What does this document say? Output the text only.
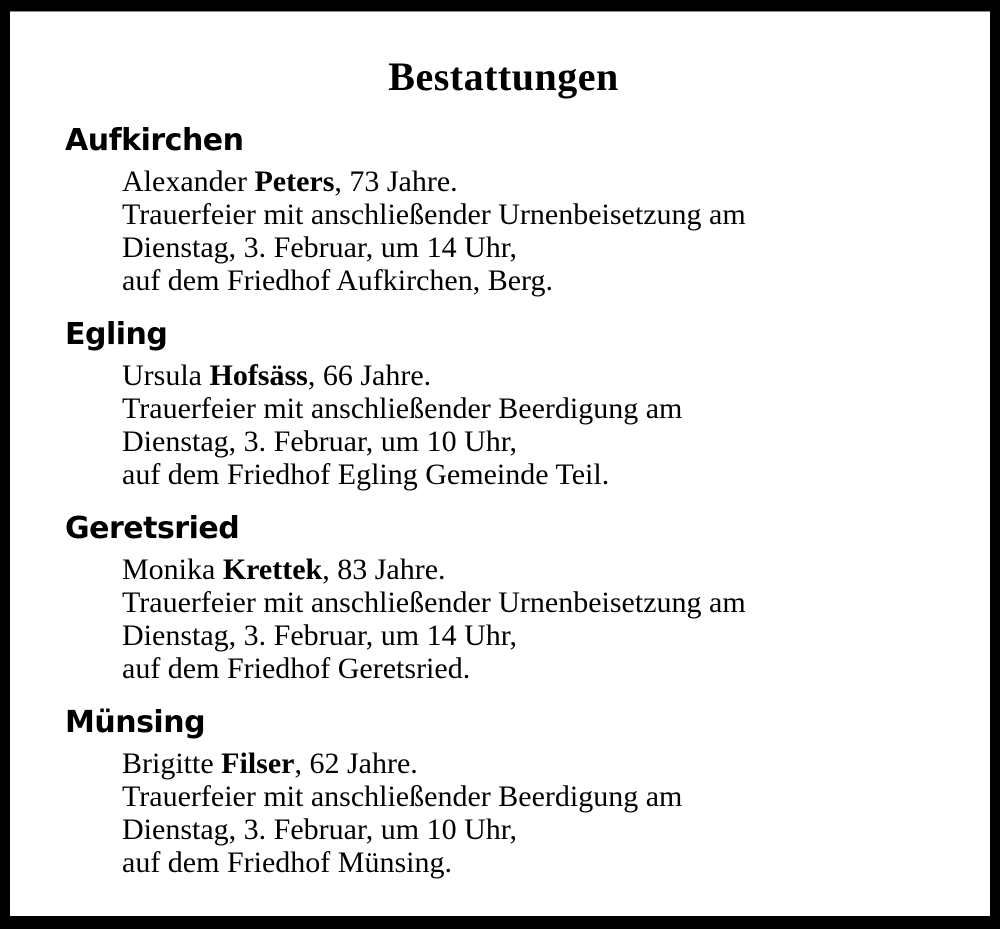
Bestattungen
Aufkirchen

Alexander Peters, 73 Jahre.

Trauerfeier mit anschließender Urnenbeisetzung am

Dienstag, 3. Februar, um 14 Uhr,

auf dem Friedhof Aufkirchen, Berg.

Egling

Ursula Hofsäss, 66 Jahre.

Trauerfeier mit anschließender Beerdigung am

Dienstag, 3. Februar, um 10 Uhr,

auf dem Friedhof Egling Gemeinde Teil.

Geretsried

Monika Krettek, 83 Jahre.

Trauerfeier mit anschließender Urnenbeisetzung am

Dienstag, 3. Februar, um 14 Uhr,

auf dem Friedhof Geretsried.

Münsing

Brigitte Filser, 62 Jahre.

Trauerfeier mit anschließender Beerdigung am

Dienstag, 3. Februar, um 10 Uhr,

auf dem Friedhof Münsing.
